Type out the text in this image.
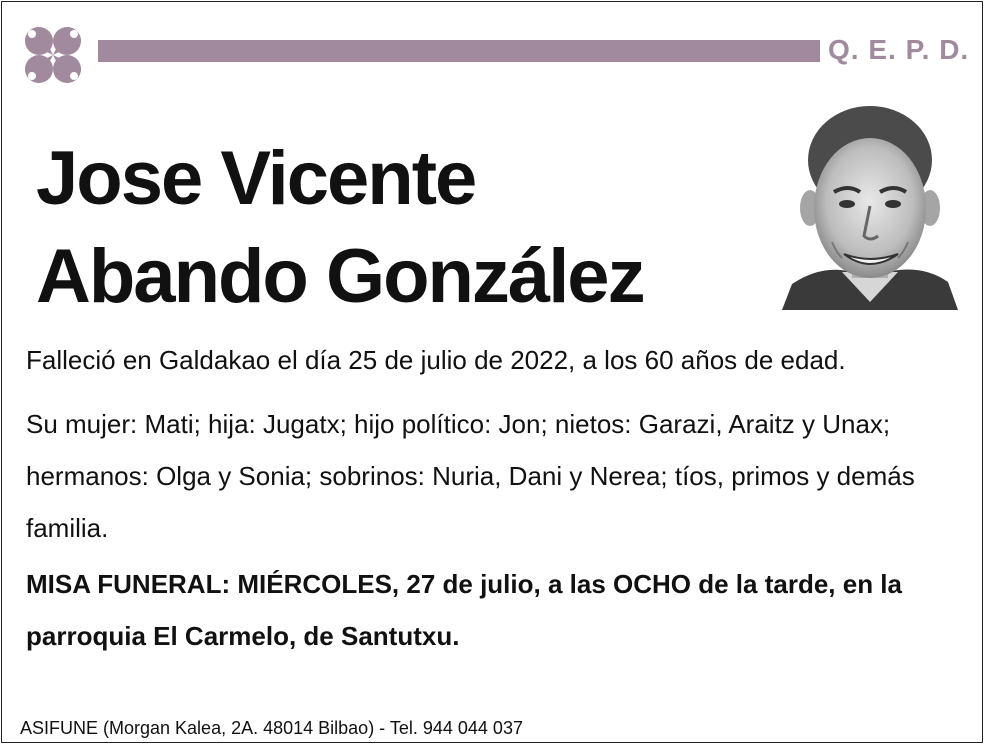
Q. E. P. D.
Jose Vicente
Abando González
Falleció en Galdakao el día 25 de julio de 2022, a los 60 años de edad.
Su mujer: Mati; hija: Jugatx; hijo político: Jon; nietos: Garazi, Araitz y Unax; hermanos: Olga y Sonia; sobrinos: Nuria, Dani y Nerea; tíos, primos y demás familia.
MISA FUNERAL: MIÉRCOLES, 27 de julio, a las OCHO de la tarde, en la parroquia El Carmelo, de Santutxu.
ASIFUNE (Morgan Kalea, 2A. 48014 Bilbao) - Tel. 944 044 037
